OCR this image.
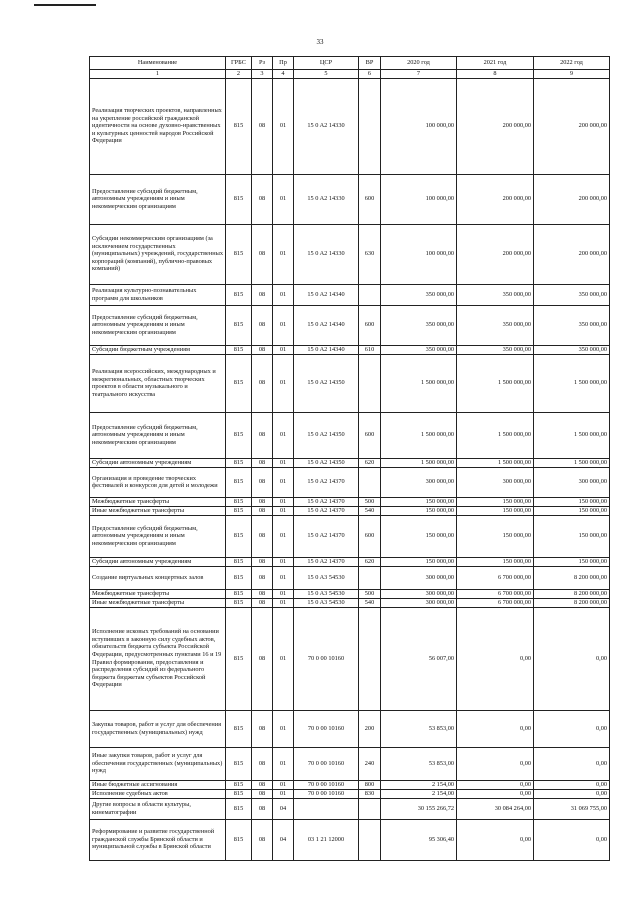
33
Наименование	ГРБС	Рз	Пр	ЦСР	ВР	2020 год	2021 год	2022 год
1	2	3	4	5	6	7	8	9
Реализация творческих проектов, направленных на укрепление российской гражданской идентичности на основе духовно-нравственных и культурных ценностей народов Российской Федерации	815	08	01	15 0 A2 14330		100 000,00	200 000,00	200 000,00
Предоставление субсидий бюджетным, автономным учреждениям и иным некоммерческим организациям	815	08	01	15 0 A2 14330	600	100 000,00	200 000,00	200 000,00
Субсидии некоммерческим организациям (за исключением государственных (муниципальных) учреждений, государственных корпораций (компаний), публично-правовых компаний)	815	08	01	15 0 A2 14330	630	100 000,00	200 000,00	200 000,00
Реализация культурно-познавательных программ для школьников	815	08	01	15 0 A2 14340		350 000,00	350 000,00	350 000,00
Предоставление субсидий бюджетным, автономным учреждениям и иным некоммерческим организациям	815	08	01	15 0 A2 14340	600	350 000,00	350 000,00	350 000,00
Субсидии бюджетным учреждениям	815	08	01	15 0 A2 14340	610	350 000,00	350 000,00	350 000,00
Реализация всероссийских, международных и межрегиональных, областных творческих проектов в области музыкального и театрального искусства	815	08	01	15 0 A2 14350		1 500 000,00	1 500 000,00	1 500 000,00
Предоставление субсидий бюджетным, автономным учреждениям и иным некоммерческим организациям	815	08	01	15 0 A2 14350	600	1 500 000,00	1 500 000,00	1 500 000,00
Субсидии автономным учреждениям	815	08	01	15 0 A2 14350	620	1 500 000,00	1 500 000,00	1 500 000,00
Организация и проведение творческих фестивалей и конкурсов для детей и молодежи	815	08	01	15 0 A2 14370		300 000,00	300 000,00	300 000,00
Межбюджетные трансферты	815	08	01	15 0 A2 14370	500	150 000,00	150 000,00	150 000,00
Иные межбюджетные трансферты	815	08	01	15 0 A2 14370	540	150 000,00	150 000,00	150 000,00
Предоставление субсидий бюджетным, автономным учреждениям и иным некоммерческим организациям	815	08	01	15 0 A2 14370	600	150 000,00	150 000,00	150 000,00
Субсидии автономным учреждениям	815	08	01	15 0 A2 14370	620	150 000,00	150 000,00	150 000,00
Создание виртуальных концертных залов	815	08	01	15 0 A3 54530		300 000,00	6 700 000,00	8 200 000,00
Межбюджетные трансферты	815	08	01	15 0 A3 54530	500	300 000,00	6 700 000,00	8 200 000,00
Иные межбюджетные трансферты	815	08	01	15 0 A3 54530	540	300 000,00	6 700 000,00	8 200 000,00
Исполнение исковых требований на основании вступивших в законную силу судебных актов, обязательств бюджета субъекта Российской Федерации, предусмотренных пунктами 16 и 19 Правил формирования, предоставления и распределения субсидий из федерального бюджета бюджетам субъектов Российской Федерации	815	08	01	70 0 00 10160		56 007,00	0,00	0,00
Закупка товаров, работ и услуг для обеспечения государственных (муниципальных) нужд	815	08	01	70 0 00 10160	200	53 853,00	0,00	0,00
Иные закупки товаров, работ и услуг для обеспечения государственных (муниципальных) нужд	815	08	01	70 0 00 10160	240	53 853,00	0,00	0,00
Иные бюджетные ассигнования	815	08	01	70 0 00 10160	800	2 154,00	0,00	0,00
Исполнение судебных актов	815	08	01	70 0 00 10160	830	2 154,00	0,00	0,00
Другие вопросы в области культуры, кинематографии	815	08	04			30 155 266,72	30 084 264,00	31 069 755,00
Реформирование и развитие государственной гражданской службы Брянской области и муниципальной службы в Брянской области	815	08	04	03 1 21 12000		95 306,40	0,00	0,00
